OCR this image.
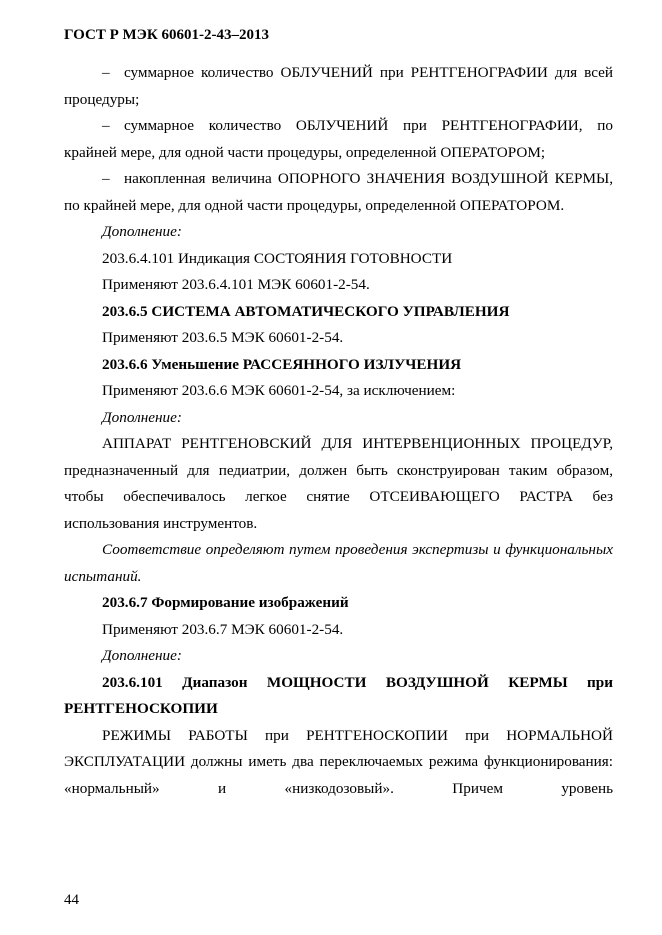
ГОСТ Р МЭК 60601-2-43–2013

– суммарное количество ОБЛУЧЕНИЙ при РЕНТГЕНОГРАФИИ для всей процедуры;

– суммарное количество ОБЛУЧЕНИЙ при РЕНТГЕНОГРАФИИ, по крайней мере, для одной части процедуры, определенной ОПЕРАТОРОМ;

– накопленная величина ОПОРНОГО ЗНАЧЕНИЯ ВОЗДУШНОЙ КЕРМЫ, по крайней мере, для одной части процедуры, определенной ОПЕРАТОРОМ.

Дополнение:

203.6.4.101 Индикация СОСТОЯНИЯ ГОТОВНОСТИ

Применяют 203.6.4.101 МЭК 60601-2-54.

203.6.5 СИСТЕМА АВТОМАТИЧЕСКОГО УПРАВЛЕНИЯ

Применяют 203.6.5 МЭК 60601-2-54.

203.6.6 Уменьшение РАССЕЯННОГО ИЗЛУЧЕНИЯ

Применяют 203.6.6 МЭК 60601-2-54, за исключением:

Дополнение:

АППАРАТ РЕНТГЕНОВСКИЙ ДЛЯ ИНТЕРВЕНЦИОННЫХ ПРОЦЕДУР, предназначенный для педиатрии, должен быть сконструирован таким образом, чтобы обеспечивалось легкое снятие ОТСЕИВАЮЩЕГО РАСТРА без использования инструментов.

Соответствие определяют путем проведения экспертизы и функциональных испытаний.

203.6.7 Формирование изображений

Применяют 203.6.7 МЭК 60601-2-54.

Дополнение:

203.6.101 Диапазон МОЩНОСТИ ВОЗДУШНОЙ КЕРМЫ при РЕНТГЕНОСКОПИИ

РЕЖИМЫ РАБОТЫ при РЕНТГЕНОСКОПИИ при НОРМАЛЬНОЙ ЭКСПЛУАТАЦИИ должны иметь два переключаемых режима функционирования: «нормальный» и «низкодозовый». Причем уровень

44
